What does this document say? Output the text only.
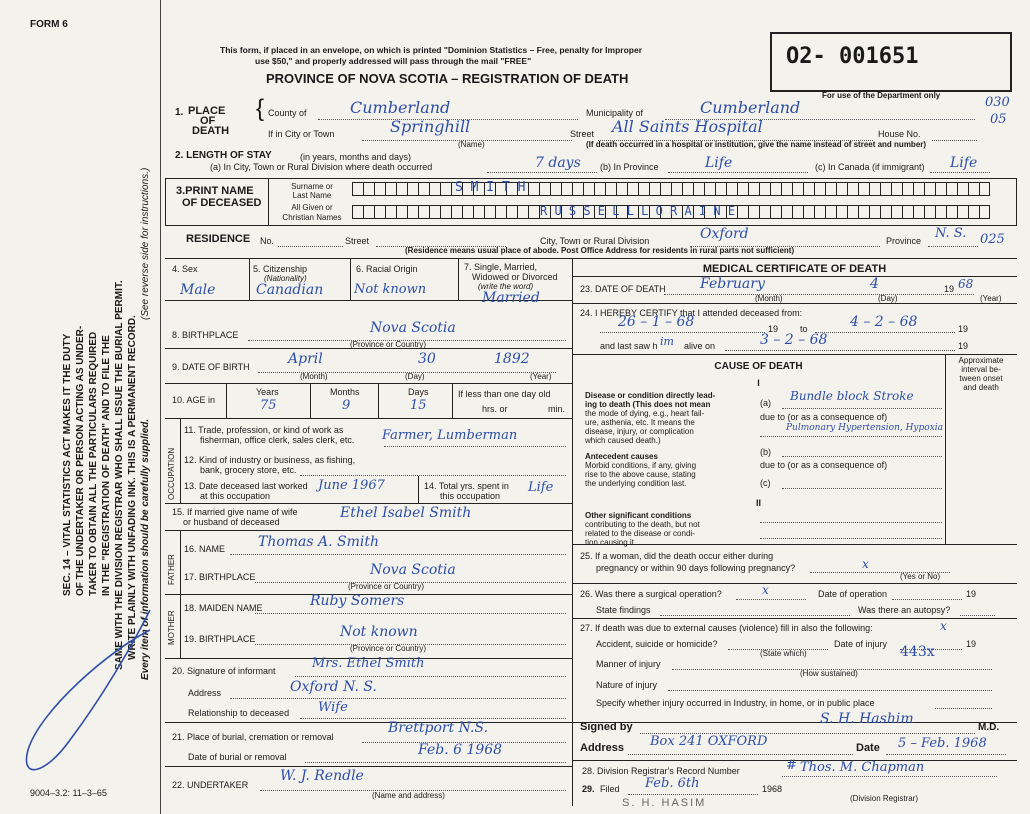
FORM 6
SEC. 14 – VITAL STATISTICS ACT MAKES IT THE DUTY OF THE UNDERTAKER OR PERSON ACTING AS UNDER- TAKER TO OBTAIN ALL THE PARTICULARS REQUIRED IN THE "REGISTRATION OF DEATH" AND TO FILE THE SAME WITH THE DIVISION REGISTRAR WHO SHALL ISSUE THE BURIAL PERMIT. WRITE PLAINLY WITH UNFADING INK. THIS IS A PERMANENT RECORD.
(See reverse side for instructions.)
Every item of information should be carefully supplied.
9004–3.2: 11–3–65
This form, if placed in an envelope, on which is printed "Dominion Statistics – Free, penalty for Improper
use $50," and properly addressed will pass through the mail "FREE"
PROVINCE OF NOVA SCOTIA – REGISTRATION OF DEATH
O2- 001651
For use of the Department only	030
05
025
1. PLACE
OF
DEATH
{ County of	Cumberland	Municipality of	Cumberland
If in City or Town	Springhill
(Name)
Street All Saints Hospital	House No.
(If death occurred in a hospital or institution, give the name instead of street and number)
2. LENGTH OF STAY	(in years, months and days)
(a) In City, Town or Rural Division where death occurred	7 days (b) In Province	Life	(c) In Canada (if immigrant) Life
3.PRINT NAME
OF DECEASED
Surname or
Last Name
S M I T H
All Given or
Christian Names	R U S S E L L L O R A I N E
RESIDENCE No.	Street	City, Town or Rural Division	Oxford	Province N. S.
(Residence means usual place of abode. Post Office Address for residents in rural parts not sufficient)
4. Sex
Male
5. Citizenship
(Nationality)
Canadian
6. Racial Origin
Not known
7. Single, Married,
Widowed or Divorced
(write the word)
Married
8. BIRTHPLACE	Nova Scotia
(Province or Country)
9. DATE OF BIRTH	April	30	1892
(Month)	(Day)	(Year)
10. AGE in
Years
75
Months
9
Days
15
If less than one day old
hrs. or	min.
OCCUPATION
11. Trade, profession, or kind of work as
fisherman, office clerk, sales clerk, etc. Farmer, Lumberman
12. Kind of industry or business, as fishing,
bank, grocery store, etc.
13. Date deceased last worked
at this occupation
June 1967	14. Total yrs. spent in
this occupation
Life
15. If married give name of wife
or husband of deceased
Ethel Isabel Smith
FATHER
16. NAME Thomas A. Smith
17. BIRTHPLACE	Nova Scotia
(Province or Country)
MOTHER
18. MAIDEN NAME	Ruby Somers
19. BIRTHPLACE	Not known
(Province or Country)
20. Signature of informant	Mrs. Ethel Smith
Address	Oxford N. S.
Relationship to deceased Wife
21. Place of burial, cremation or removal
Brettport N.S.
Date of burial or removal	Feb. 6 1968
22. UNDERTAKER
W. J. Rendle
(Name and address)
MEDICAL CERTIFICATE OF DEATH
23. DATE OF DEATH February	4	19 68
(Month)	(Day)	(Year)
24. I HEREBY CERTIFY that I attended deceased from:
26 – 1 – 68	19 to	4 – 2 – 68	19
and last saw h im alive on	3 – 2 – 68	19
CAUSE OF DEATH
Approximate
interval be-
tween onset
and death
I
Disease or condition directly lead-
ing to death (This does not mean
the mode of dying, e.g., heart fail-
ure, asthenia, etc. It means the
disease, injury, or complication
which caused death.)
(a) Bundle block Stroke
due to (or as a consequence of)
Pulmonary Hypertension, Hypoxia
Antecedent causes
Morbid conditions, if any, giving
rise to the above cause, stating
the underlying condition last.
(b)
due to (or as a consequence of)
(c)
II
Other significant conditions
contributing to the death, but not
related to the disease or condi-
tion causing it.
25. If a woman, did the death occur either during
pregnancy or within 90 days following pregnancy?	x
(Yes or No)
26. Was there a surgical operation?	x	Date of operation	19
State findings	Was there an autopsy?
27. If death was due to external causes (violence) fill in also the following:	x
Accident, suicide or homicide?	Date of injury	19
(State which)	443x
Manner of injury
(How sustained)
Nature of injury
Specify whether injury occurred in Industry, in home, or in public place
Signed by	S. H. Hashim
M.D.
Address Box 241 OXFORD	Date 5 – Feb. 1968
28. Division Registrar's Record Number	# Thos. M. Chapman
29. Filed Feb. 6th	1968
(Division Registrar)
S. H. HASIM
